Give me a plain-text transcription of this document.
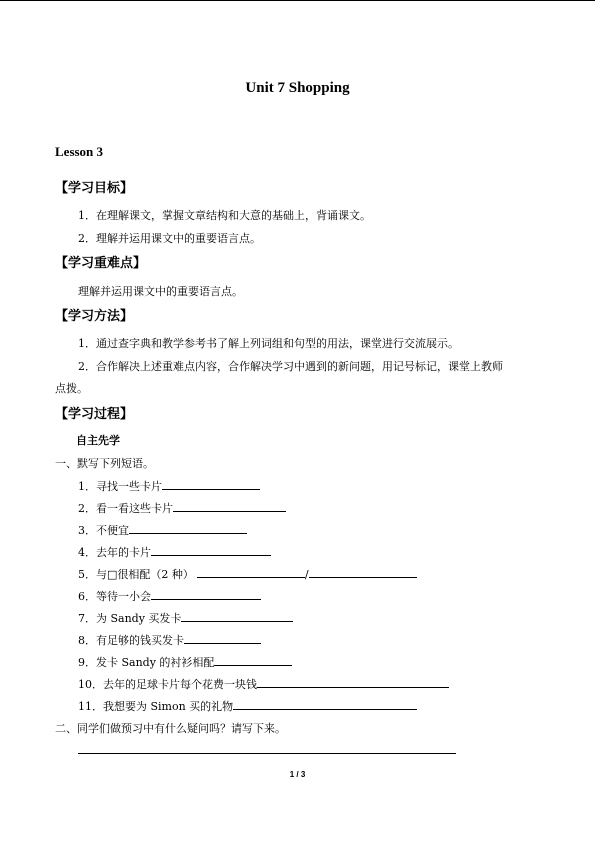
Unit 7 Shopping
Lesson 3
【学习目标】
1．在理解课文，掌握文章结构和大意的基础上，背诵课文。
2．理解并运用课文中的重要语言点。
【学习重难点】
理解并运用课文中的重要语言点。
【学习方法】
1．通过查字典和教学参考书了解上列词组和句型的用法，课堂进行交流展示。
2．合作解决上述重难点内容，合作解决学习中遇到的新问题，用记号标记，课堂上教师
点拨。
【学习过程】
自主先学
一、默写下列短语。
1．寻找一些卡片
2．看一看这些卡片
3．不便宜
4．去年的卡片
5．与□很相配（2 种）	/
6．等待一小会
7．为 Sandy 买发卡
8．有足够的钱买发卡
9．发卡 Sandy 的衬衫相配
10．去年的足球卡片每个花费一块钱
11．我想要为 Simon 买的礼物
二、同学们做预习中有什么疑问吗？请写下来。
1 / 3
